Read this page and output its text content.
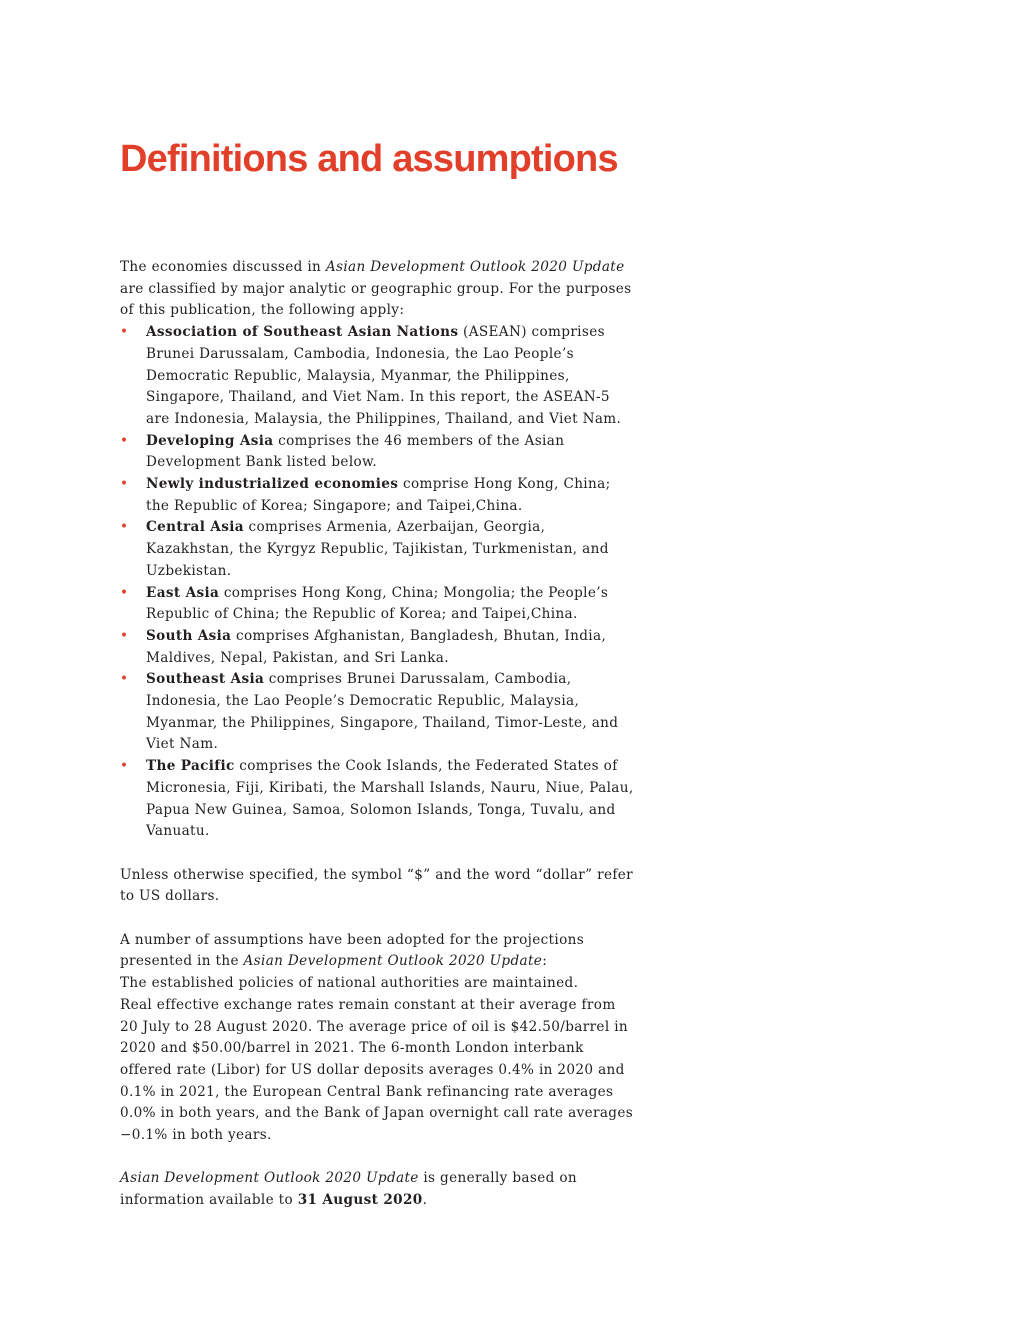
Definitions and assumptions

The economies discussed in Asian Development Outlook 2020 Update are classified by major analytic or geographic group. For the purposes of this publication, the following apply:

• Association of Southeast Asian Nations (ASEAN) comprises Brunei Darussalam, Cambodia, Indonesia, the Lao People’s Democratic Republic, Malaysia, Myanmar, the Philippines, Singapore, Thailand, and Viet Nam. In this report, the ASEAN-5 are Indonesia, Malaysia, the Philippines, Thailand, and Viet Nam.
• Developing Asia comprises the 46 members of the Asian Development Bank listed below.
• Newly industrialized economies comprise Hong Kong, China; the Republic of Korea; Singapore; and Taipei,China.
• Central Asia comprises Armenia, Azerbaijan, Georgia, Kazakhstan, the Kyrgyz Republic, Tajikistan, Turkmenistan, and Uzbekistan.
• East Asia comprises Hong Kong, China; Mongolia; the People’s Republic of China; the Republic of Korea; and Taipei,China.
• South Asia comprises Afghanistan, Bangladesh, Bhutan, India, Maldives, Nepal, Pakistan, and Sri Lanka.
• Southeast Asia comprises Brunei Darussalam, Cambodia, Indonesia, the Lao People’s Democratic Republic, Malaysia, Myanmar, the Philippines, Singapore, Thailand, Timor-Leste, and Viet Nam.
• The Pacific comprises the Cook Islands, the Federated States of Micronesia, Fiji, Kiribati, the Marshall Islands, Nauru, Niue, Palau, Papua New Guinea, Samoa, Solomon Islands, Tonga, Tuvalu, and Vanuatu.

Unless otherwise specified, the symbol “$” and the word “dollar” refer to US dollars.

A number of assumptions have been adopted for the projections presented in the Asian Development Outlook 2020 Update:

The established policies of national authorities are maintained.

Real effective exchange rates remain constant at their average from 20 July to 28 August 2020. The average price of oil is $42.50/barrel in 2020 and $50.00/barrel in 2021. The 6-month London interbank offered rate (Libor) for US dollar deposits averages 0.4% in 2020 and 0.1% in 2021, the European Central Bank refinancing rate averages 0.0% in both years, and the Bank of Japan overnight call rate averages −0.1% in both years.

Asian Development Outlook 2020 Update is generally based on information available to 31 August 2020.
